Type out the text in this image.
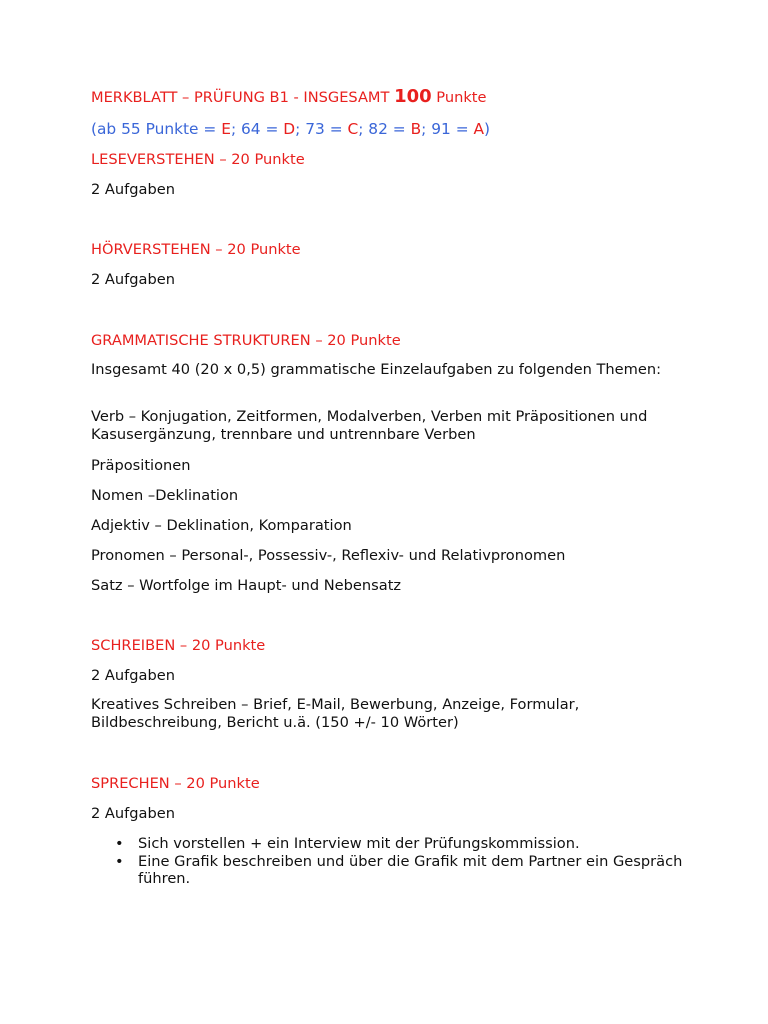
MERKBLATT – PRÜFUNG B1 - INSGESAMT 100 Punkte

(ab 55 Punkte = E; 64 = D; 73 = C; 82 = B; 91 = A)

LESEVERSTEHEN – 20 Punkte

2 Aufgaben

HÖRVERSTEHEN – 20 Punkte

2 Aufgaben

GRAMMATISCHE STRUKTUREN – 20 Punkte

Insgesamt 40 (20 x 0,5) grammatische Einzelaufgaben zu folgenden Themen:

Verb – Konjugation, Zeitformen, Modalverben, Verben mit Präpositionen und Kasusergänzung, trennbare und untrennbare Verben

Präpositionen

Nomen –Deklination

Adjektiv – Deklination, Komparation

Pronomen – Personal-, Possessiv-, Reflexiv- und Relativpronomen

Satz – Wortfolge im Haupt- und Nebensatz

SCHREIBEN – 20 Punkte

2 Aufgaben

Kreatives Schreiben – Brief, E-Mail, Bewerbung, Anzeige, Formular, Bildbeschreibung, Bericht u.ä. (150 +/- 10 Wörter)

SPRECHEN – 20 Punkte

2 Aufgaben

• Sich vorstellen + ein Interview mit der Prüfungskommission.
• Eine Grafik beschreiben und über die Grafik mit dem Partner ein Gespräch führen.
